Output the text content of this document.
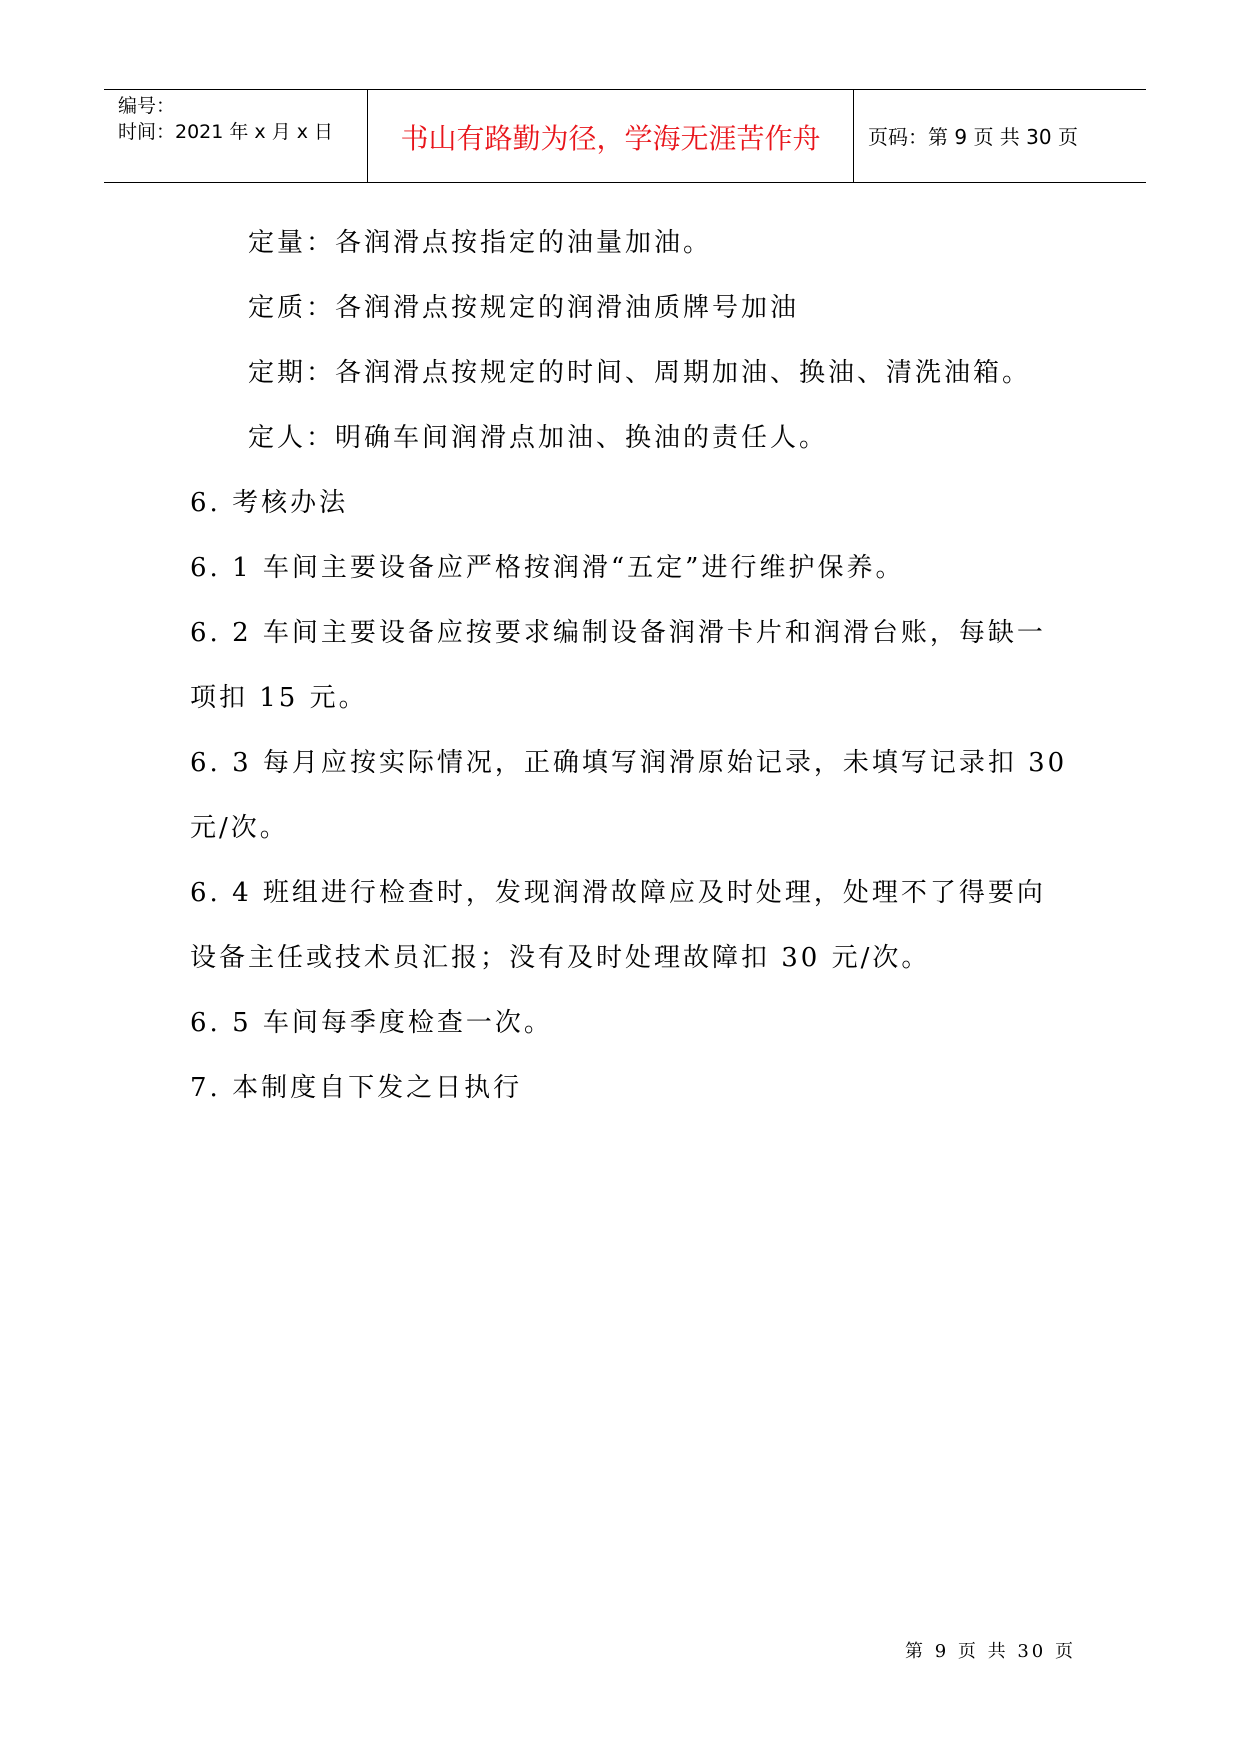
编号：
时间：2021 年 x 月 x 日	书山有路勤为径，学海无涯苦作舟	页码：第 9 页 共 30 页
定量：各润滑点按指定的油量加油。
定质：各润滑点按规定的润滑油质牌号加油
定期：各润滑点按规定的时间、周期加油、换油、清洗油箱。
定人：明确车间润滑点加油、换油的责任人。
6. 考核办法
6. 1 车间主要设备应严格按润滑“五定”进行维护保养。
6. 2 车间主要设备应按要求编制设备润滑卡片和润滑台账，每缺一
项扣 15 元。
6. 3 每月应按实际情况，正确填写润滑原始记录，未填写记录扣 30
元/次。
6. 4 班组进行检查时，发现润滑故障应及时处理，处理不了得要向
设备主任或技术员汇报；没有及时处理故障扣 30 元/次。
6. 5 车间每季度检查一次。
7. 本制度自下发之日执行
第 9 页 共 30 页
